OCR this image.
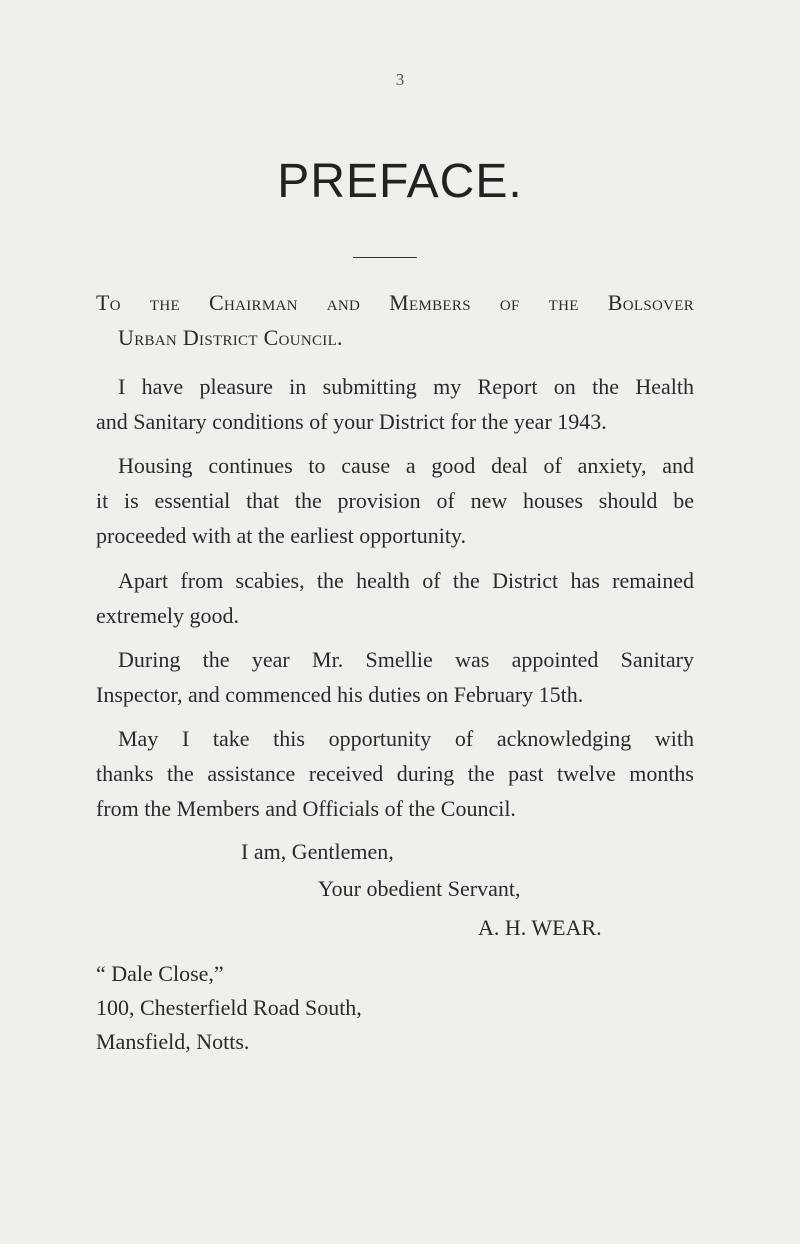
3
PREFACE.
To the Chairman and Members of the Bolsover
Urban District Council.
I have pleasure in submitting my Report on the Health
and Sanitary conditions of your District for the year 1943.
Housing continues to cause a good deal of anxiety, and
it is essential that the provision of new houses should be
proceeded with at the earliest opportunity.
Apart from scabies, the health of the District has remained
extremely good.
During the year Mr. Smellie was appointed Sanitary
Inspector, and commenced his duties on February 15th.
May I take this opportunity of acknowledging with
thanks the assistance received during the past twelve months
from the Members and Officials of the Council.
I am, Gentlemen,
Your obedient Servant,
A. H. WEAR.
“ Dale Close,”
100, Chesterfield Road South,
Mansfield, Notts.
